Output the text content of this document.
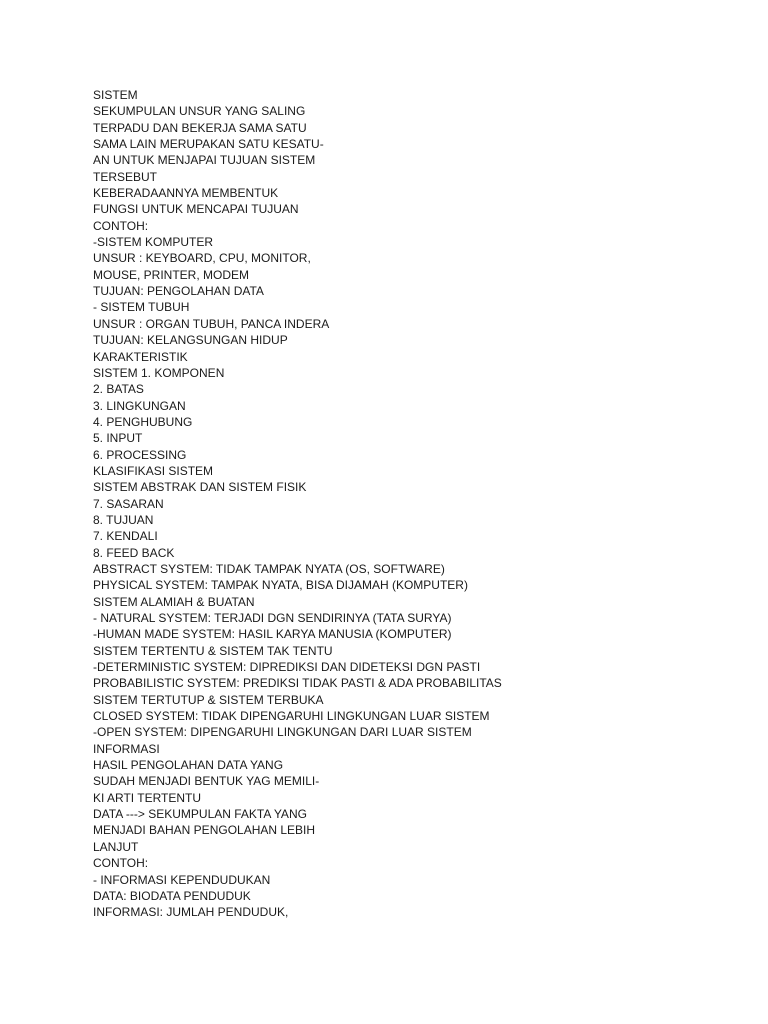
SISTEM
SEKUMPULAN UNSUR YANG SALING
TERPADU DAN BEKERJA SAMA SATU
SAMA LAIN MERUPAKAN SATU KESATU-
AN UNTUK MENJAPAI TUJUAN SISTEM
TERSEBUT
KEBERADAANNYA MEMBENTUK
FUNGSI UNTUK MENCAPAI TUJUAN
CONTOH:
-SISTEM KOMPUTER
UNSUR : KEYBOARD, CPU, MONITOR,
MOUSE, PRINTER, MODEM
TUJUAN: PENGOLAHAN DATA
- SISTEM TUBUH
UNSUR : ORGAN TUBUH, PANCA INDERA
TUJUAN: KELANGSUNGAN HIDUP
KARAKTERISTIK
SISTEM 1. KOMPONEN
2. BATAS
3. LINGKUNGAN
4. PENGHUBUNG
5. INPUT
6. PROCESSING
KLASIFIKASI SISTEM
SISTEM ABSTRAK DAN SISTEM FISIK
7. SASARAN
8. TUJUAN
7. KENDALI
8. FEED BACK
ABSTRACT SYSTEM: TIDAK TAMPAK NYATA (OS, SOFTWARE)
PHYSICAL SYSTEM: TAMPAK NYATA, BISA DIJAMAH (KOMPUTER)
SISTEM ALAMIAH & BUATAN
- NATURAL SYSTEM: TERJADI DGN SENDIRINYA (TATA SURYA)
-HUMAN MADE SYSTEM: HASIL KARYA MANUSIA (KOMPUTER)
SISTEM TERTENTU & SISTEM TAK TENTU
-DETERMINISTIC SYSTEM: DIPREDIKSI DAN DIDETEKSI DGN PASTI
PROBABILISTIC SYSTEM: PREDIKSI TIDAK PASTI & ADA PROBABILITAS
SISTEM TERTUTUP & SISTEM TERBUKA
CLOSED SYSTEM: TIDAK DIPENGARUHI LINGKUNGAN LUAR SISTEM
-OPEN SYSTEM: DIPENGARUHI LINGKUNGAN DARI LUAR SISTEM
INFORMASI
HASIL PENGOLAHAN DATA YANG
SUDAH MENJADI BENTUK YAG MEMILI-
KI ARTI TERTENTU
DATA ---> SEKUMPULAN FAKTA YANG
MENJADI BAHAN PENGOLAHAN LEBIH
LANJUT
CONTOH:
- INFORMASI KEPENDUDUKAN
DATA: BIODATA PENDUDUK
INFORMASI: JUMLAH PENDUDUK,
